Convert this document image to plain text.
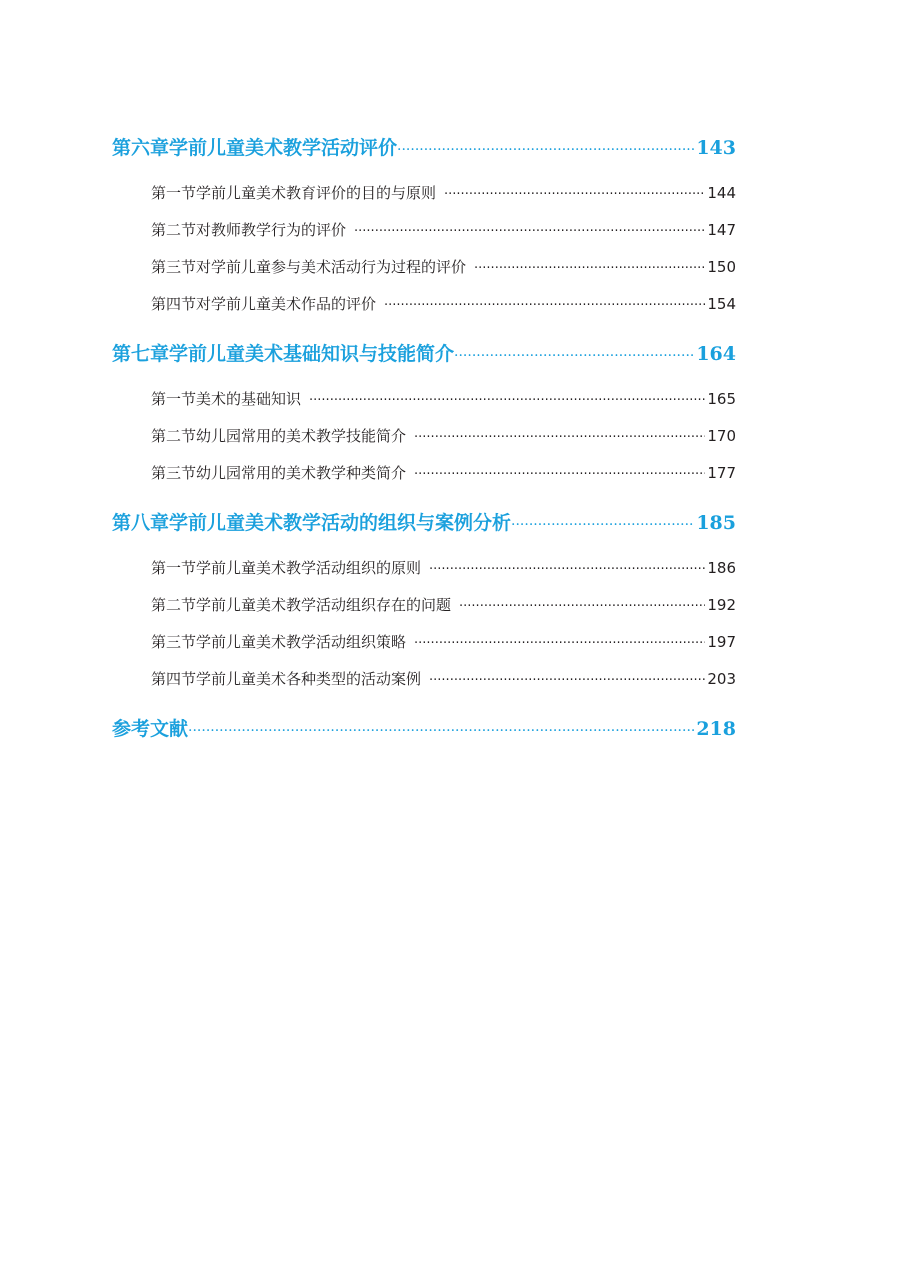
第六章 学前儿童美术教学活动评价 ·····	143
第一节 学前儿童美术教育评价的目的与原则 ·····	144
第二节 对教师教学行为的评价 ·····	147
第三节 对学前儿童参与美术活动行为过程的评价 ·····	150
第四节 对学前儿童美术作品的评价 ·····	154
第七章 学前儿童美术基础知识与技能简介 ·····	164
第一节 美术的基础知识 ·····	165
第二节 幼儿园常用的美术教学技能简介 ·····	170
第三节 幼儿园常用的美术教学种类简介 ·····	177
第八章 学前儿童美术教学活动的组织与案例分析 ·····	185
第一节 学前儿童美术教学活动组织的原则 ·····	186
第二节 学前儿童美术教学活动组织存在的问题 ·····	192
第三节 学前儿童美术教学活动组织策略 ·····	197
第四节 学前儿童美术各种类型的活动案例 ·····	203
参考文献 ·····	218
